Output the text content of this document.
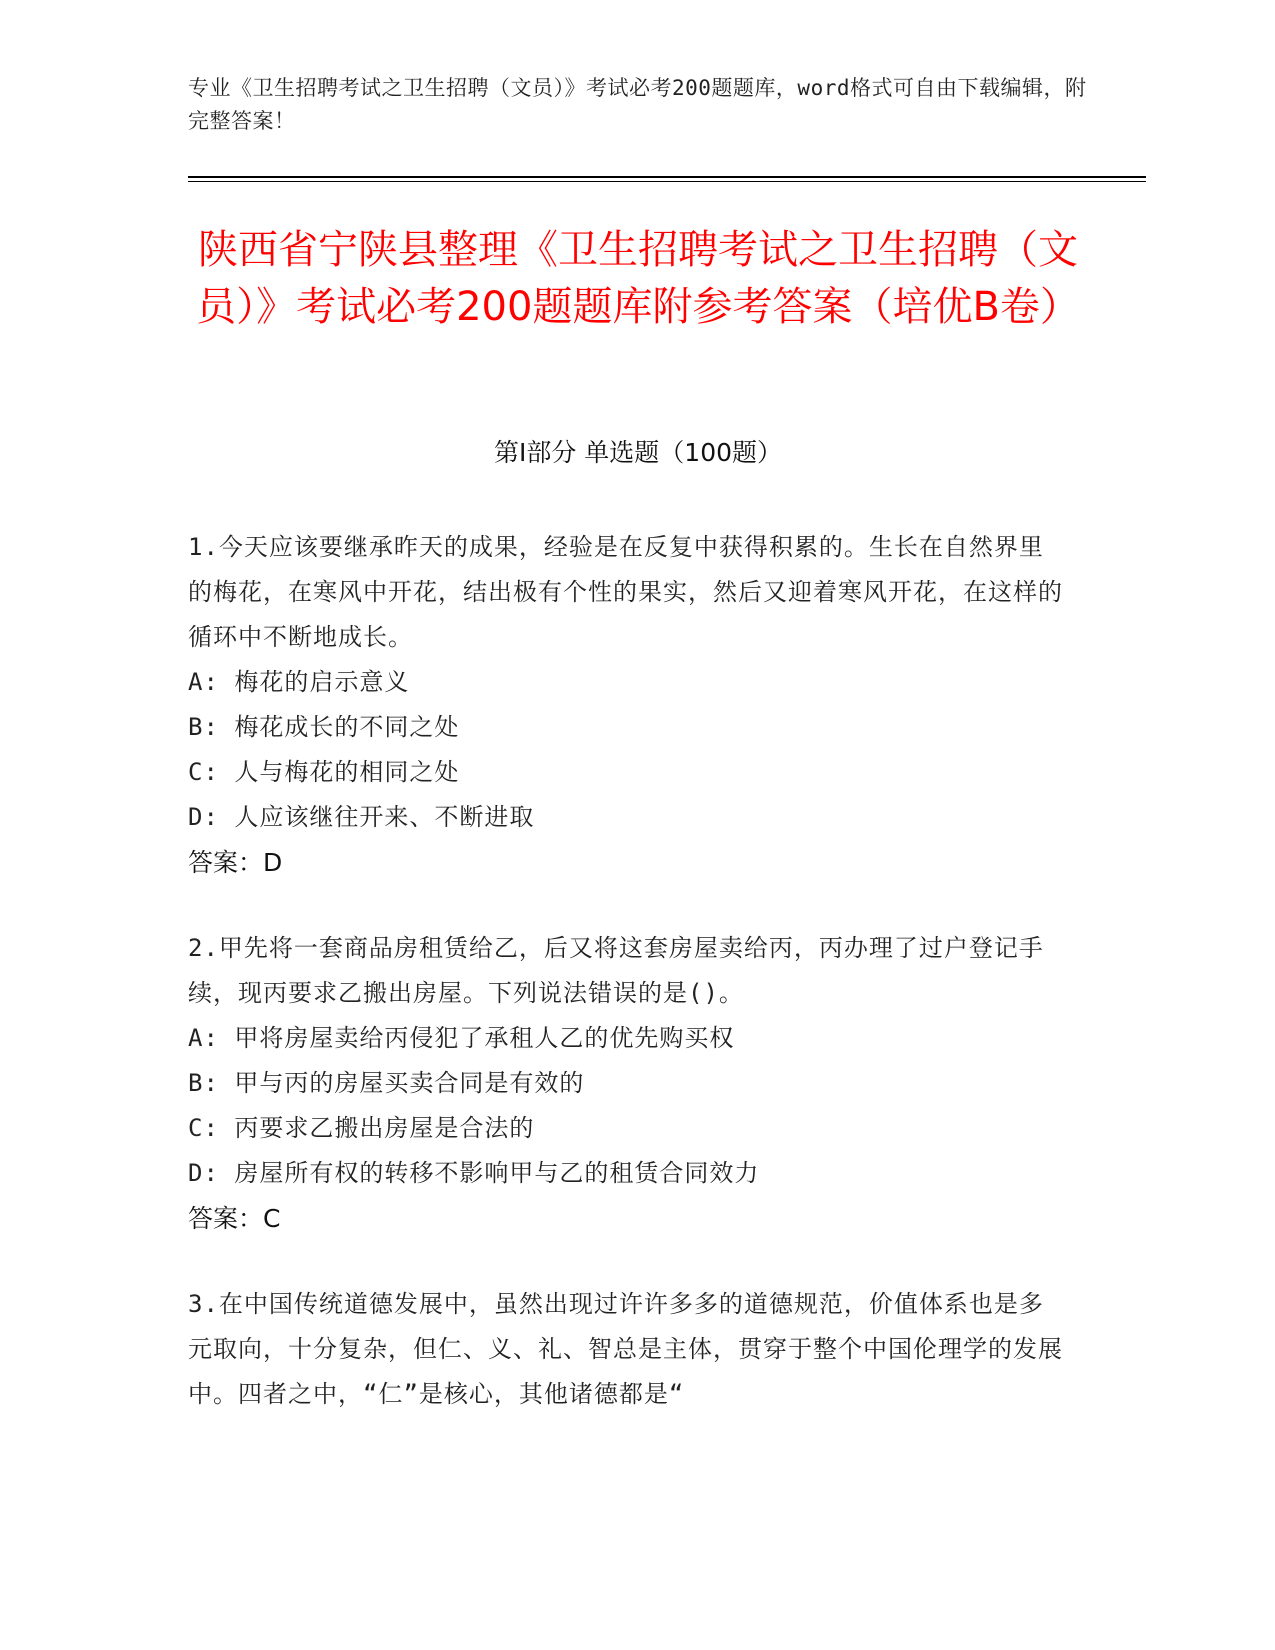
专业《卫生招聘考试之卫生招聘（文员）》考试必考200题题库，word格式可自由下载编辑，附完整答案！
陕西省宁陕县整理《卫生招聘考试之卫生招聘（文员）》考试必考200题题库附参考答案（培优B卷）
第Ⅰ部分 单选题（100题）

1.今天应该要继承昨天的成果，经验是在反复中获得积累的。生长在自然界里的梅花，在寒风中开花，结出极有个性的果实，然后又迎着寒风开花，在这样的循环中不断地成长。

A: 梅花的启示意义

B: 梅花成长的不同之处

C: 人与梅花的相同之处

D: 人应该继往开来、不断进取

答案：D

2.甲先将一套商品房租赁给乙，后又将这套房屋卖给丙，丙办理了过户登记手续，现丙要求乙搬出房屋。下列说法错误的是()。

A: 甲将房屋卖给丙侵犯了承租人乙的优先购买权

B: 甲与丙的房屋买卖合同是有效的

C: 丙要求乙搬出房屋是合法的

D: 房屋所有权的转移不影响甲与乙的租赁合同效力

答案：C

3.在中国传统道德发展中，虽然出现过许许多多的道德规范，价值体系也是多元取向，十分复杂，但仁、义、礼、智总是主体，贯穿于整个中国伦理学的发展中。四者之中，“仁”是核心，其他诸德都是“
